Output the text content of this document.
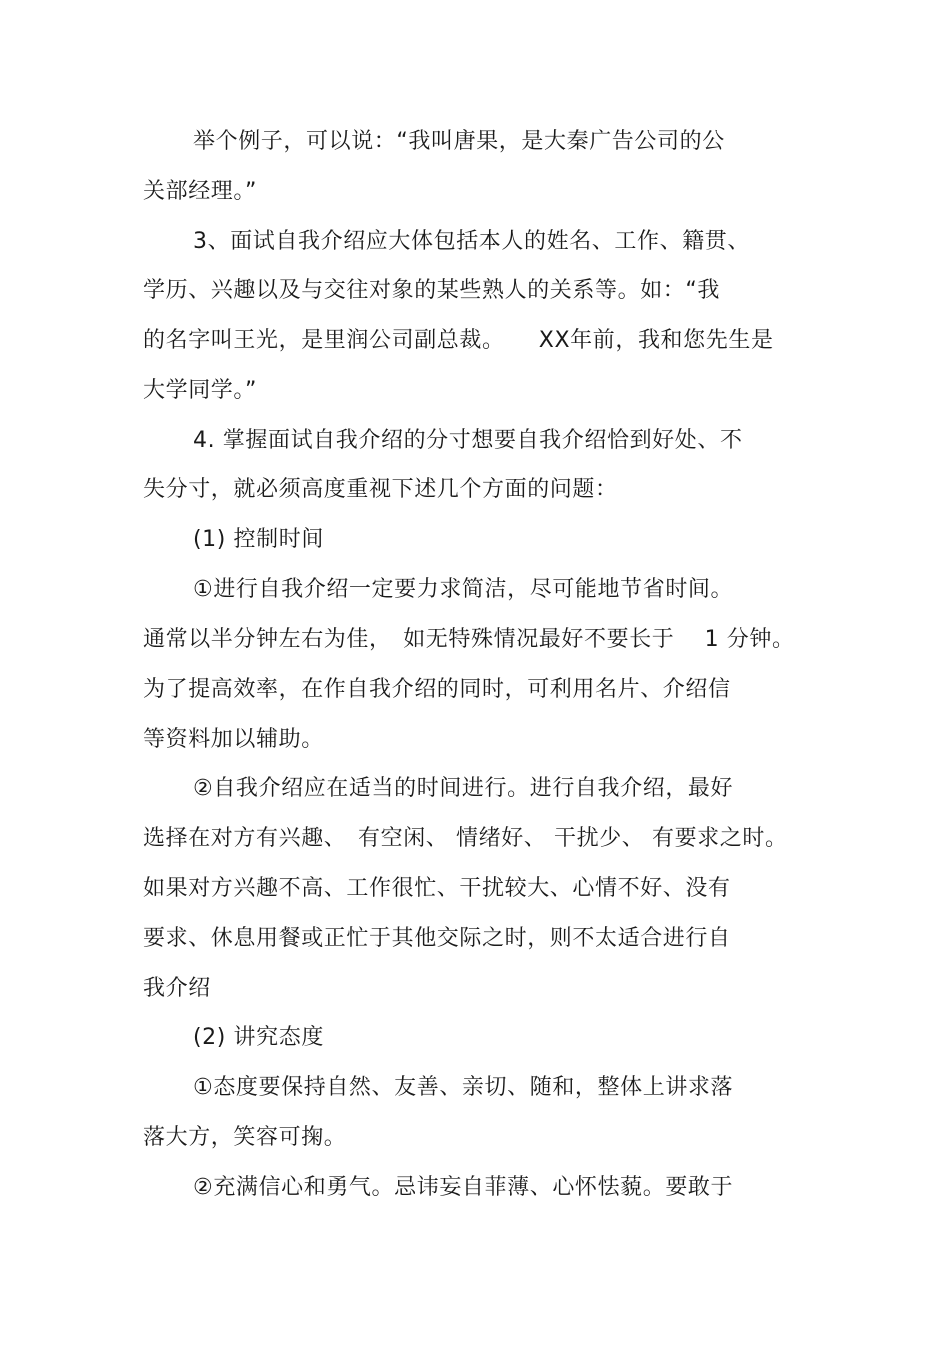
举个例子，可以说：“我叫唐果，是大秦广告公司的公
关部经理。”
3、面试自我介绍应大体包括本人的姓名、工作、籍贯、
学历、兴趣以及与交往对象的某些熟人的关系等。如：“我
的名字叫王光，是里润公司副总裁。　　XX年前，我和您先生是
大学同学。”
4. 掌握面试自我介绍的分寸想要自我介绍恰到好处、不
失分寸，就必须高度重视下述几个方面的问题：
(1) 控制时间
①进行自我介绍一定要力求简洁，尽可能地节省时间。
通常以半分钟左右为佳，　如无特殊情况最好不要长于　 1 分钟。
为了提高效率，在作自我介绍的同时，可利用名片、介绍信
等资料加以辅助。
②自我介绍应在适当的时间进行。进行自我介绍，最好
选择在对方有兴趣、　有空闲、 情绪好、 干扰少、 有要求之时。
如果对方兴趣不高、工作很忙、干扰较大、心情不好、没有
要求、休息用餐或正忙于其他交际之时，则不太适合进行自
我介绍
(2) 讲究态度
①态度要保持自然、友善、亲切、随和，整体上讲求落
落大方，笑容可掬。
②充满信心和勇气。忌讳妄自菲薄、心怀怯藐。要敢于
